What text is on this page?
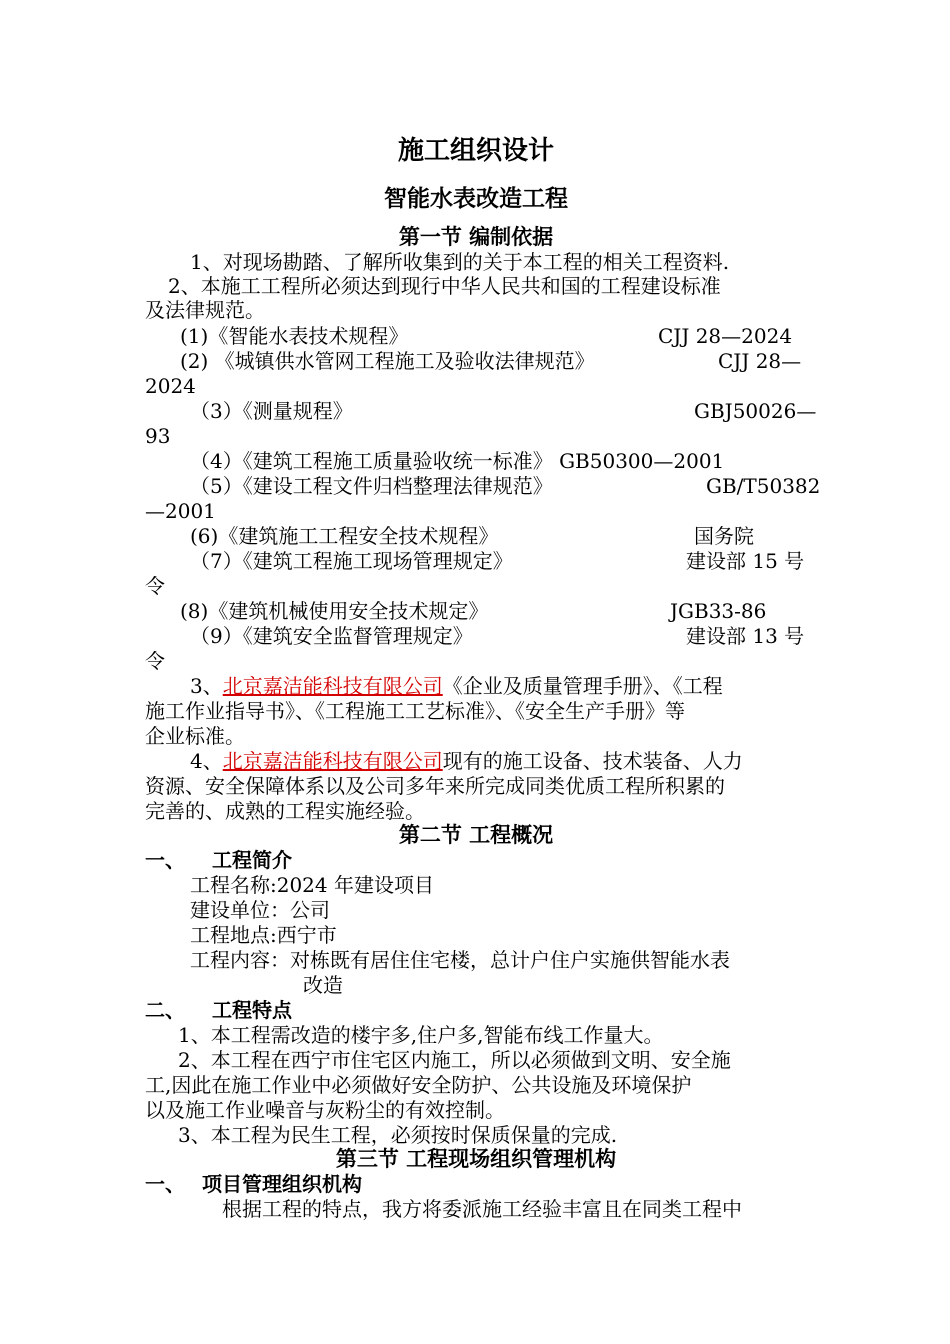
施工组织设计
智能水表改造工程
第一节 编制依据
1、对现场勘踏、了解所收集到的关于本工程的相关工程资料.
2、本施工工程所必须达到现行中华人民共和国的工程建设标准
及法律规范。
(1)《智能水表技术规程》	CJJ 28—2024
(2) 《城镇供水管网工程施工及验收法律规范》	CJJ 28—
2024
（3）《测量规程》	GBJ50026—
93
（4）《建筑工程施工质量验收统一标准》 GB50300—2001
（5）《建设工程文件归档整理法律规范》	GB/T50382
—2001
(6)《建筑施工工程安全技术规程》	国务院
（7）《建筑工程施工现场管理规定》	建设部 15 号
令
(8)《建筑机械使用安全技术规定》	JGB33-86
（9）《建筑安全监督管理规定》	建设部 13 号
令
3、北京嘉洁能科技有限公司《企业及质量管理手册》、《工程
施工作业指导书》、《工程施工工艺标准》、《安全生产手册》等
企业标准。
4、北京嘉洁能科技有限公司现有的施工设备、技术装备、人力
资源、安全保障体系以及公司多年来所完成同类优质工程所积累的
完善的、成熟的工程实施经验。
第二节 工程概况
一、 工程简介
工程名称:2024 年建设项目
建设单位：公司
工程地点:西宁市
工程内容：对栋既有居住住宅楼，总计户住户实施供智能水表
改造
二、 工程特点
1、本工程需改造的楼宇多,住户多,智能布线工作量大。
2、本工程在西宁市住宅区内施工，所以必须做到文明、安全施
工,因此在施工作业中必须做好安全防护、公共设施及环境保护
以及施工作业噪音与灰粉尘的有效控制。
3、本工程为民生工程，必须按时保质保量的完成.
第三节 工程现场组织管理机构
一、 项目管理组织机构
根据工程的特点，我方将委派施工经验丰富且在同类工程中
